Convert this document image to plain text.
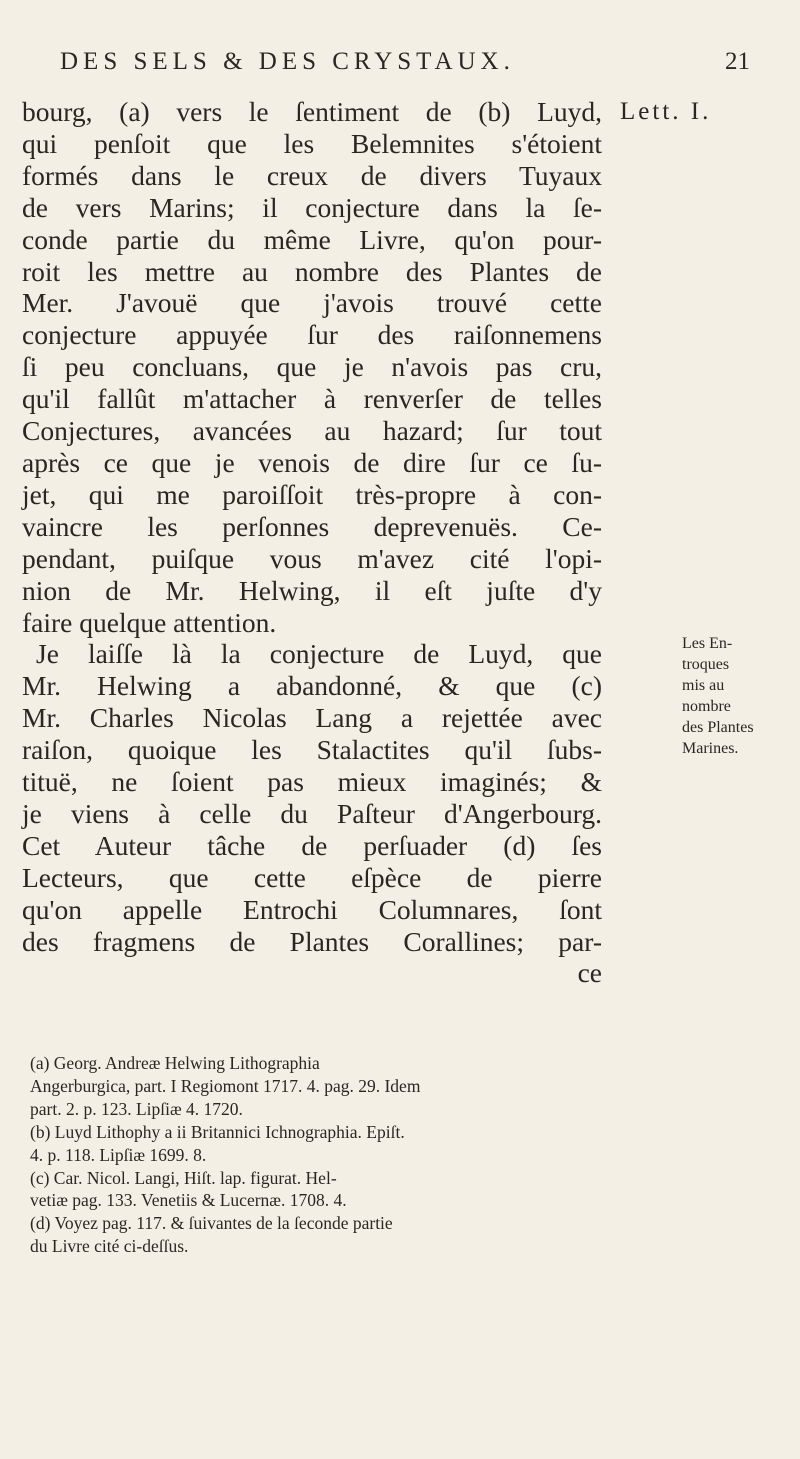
DES SELS & DES CRYSTAUX.	21
Lett. I.
Les En-
troques
mis au
nombre
des Plantes
Marines.
bourg, (a) vers le ſentiment de (b) Luyd,
qui penſoit que les Belemnites s'étoient
formés dans le creux de divers Tuyaux
de vers Marins; il conjecture dans la ſe-
conde partie du même Livre, qu'on pour-
roit les mettre au nombre des Plantes de
Mer. J'avouë que j'avois trouvé cette
conjecture appuyée ſur des raiſonnemens
ſi peu concluans, que je n'avois pas cru,
qu'il fallût m'attacher à renverſer de telles
Conjectures, avancées au hazard; ſur tout
après ce que je venois de dire ſur ce ſu-
jet, qui me paroiſſoit très-propre à con-
vaincre les perſonnes deprevenuës. Ce-
pendant, puiſque vous m'avez cité l'opi-
nion de Mr. Helwing, il eſt juſte d'y
faire quelque attention.
Je laiſſe là la conjecture de Luyd, que
Mr. Helwing a abandonné, & que (c)
Mr. Charles Nicolas Lang a rejettée avec
raiſon, quoique les Stalactites qu'il ſubs-
tituë, ne ſoient pas mieux imaginés; &
je viens à celle du Paſteur d'Angerbourg.
Cet Auteur tâche de perſuader (d) ſes
Lecteurs, que cette eſpèce de pierre
qu'on appelle Entrochi Columnares, ſont
des fragmens de Plantes Corallines; par-
ce
(a) Georg. Andreæ Helwing Lithographia
Angerburgica, part. I Regiomont 1717. 4. pag. 29. Idem
part. 2. p. 123. Lipſiæ 4. 1720.
(b) Luyd Lithophy a ii Britannici Ichnographia. Epiſt.
4. p. 118. Lipſiæ 1699. 8.
(c) Car. Nicol. Langi, Hiſt. lap. figurat. Hel-
vetiæ pag. 133. Venetiis & Lucernæ. 1708. 4.
(d) Voyez pag. 117. & ſuivantes de la ſeconde partie
du Livre cité ci-deſſus.
